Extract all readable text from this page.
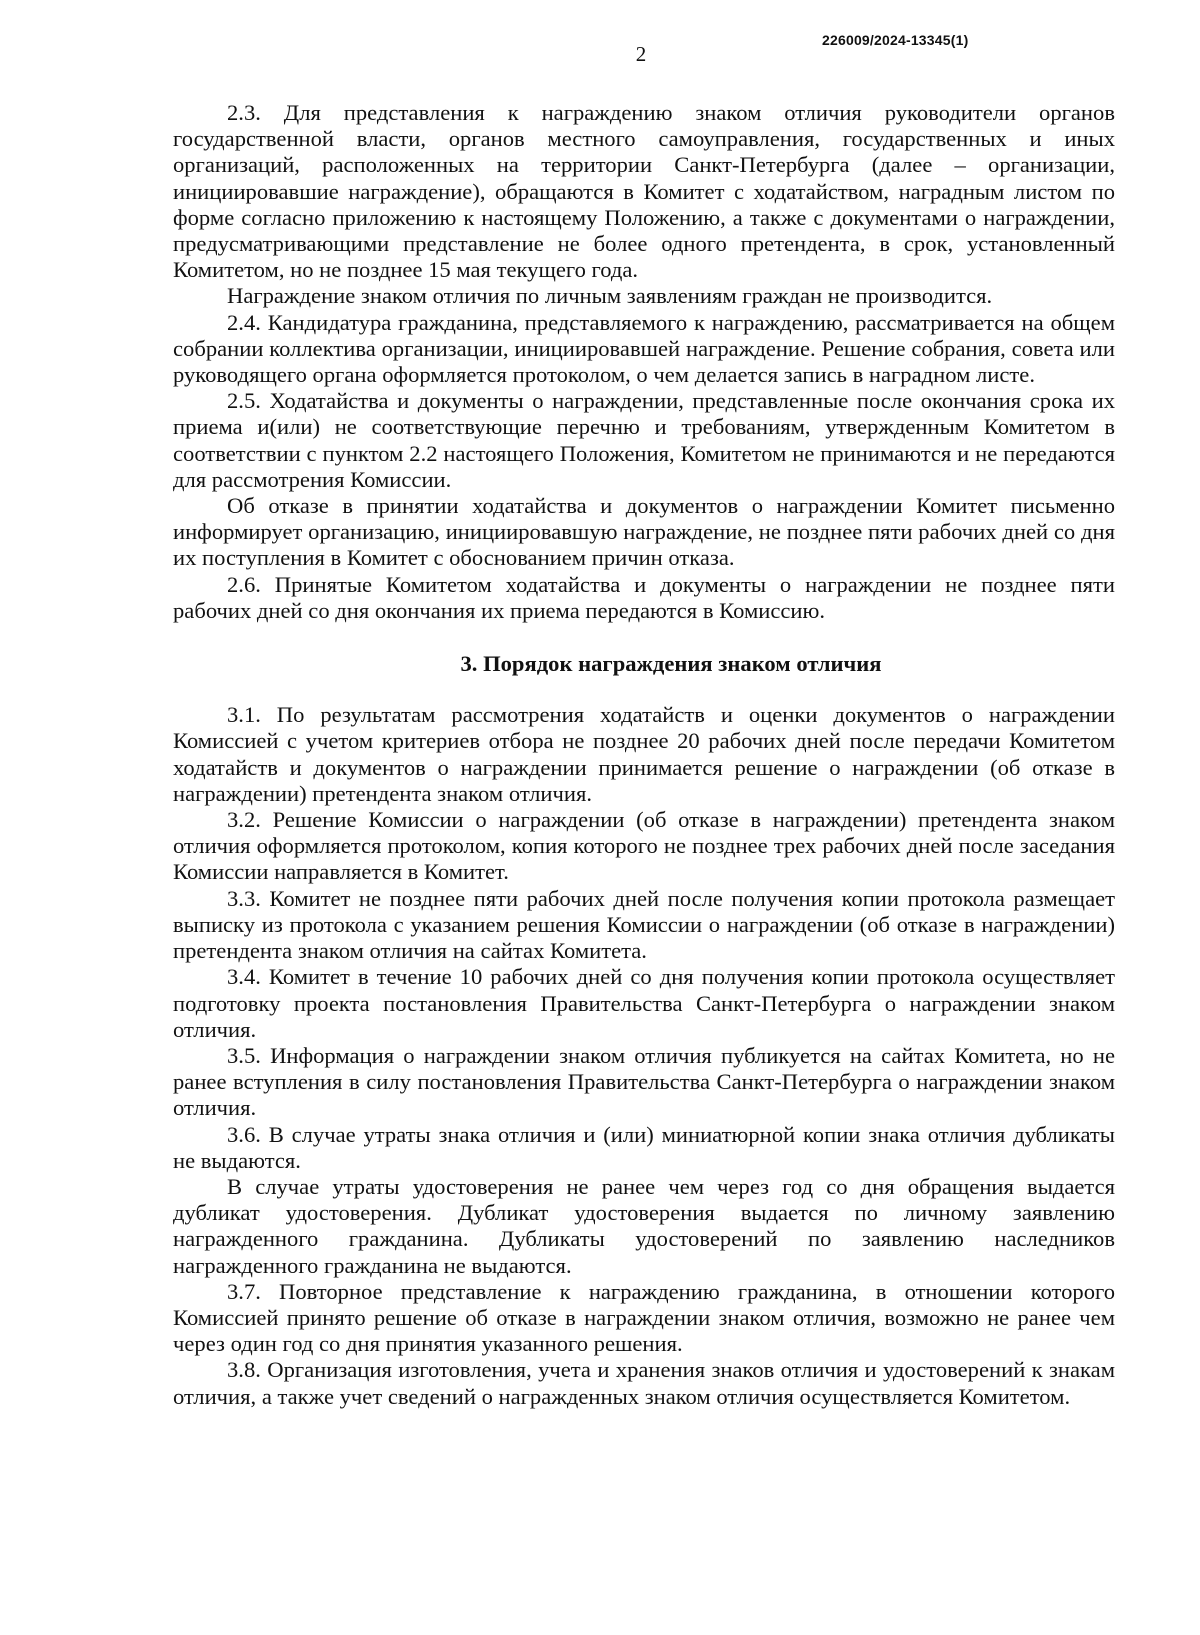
226009/2024-13345(1)
2

2.3. Для представления к награждению знаком отличия руководители органов государственной власти, органов местного самоуправления, государственных и иных организаций, расположенных на территории Санкт-Петербурга (далее – организации, инициировавшие награждение), обращаются в Комитет с ходатайством, наградным листом по форме согласно приложению к настоящему Положению, а также с документами о награждении, предусматривающими представление не более одного претендента, в срок, установленный Комитетом, но не позднее 15 мая текущего года.

Награждение знаком отличия по личным заявлениям граждан не производится.

2.4. Кандидатура гражданина, представляемого к награждению, рассматривается на общем собрании коллектива организации, инициировавшей награждение. Решение собрания, совета или руководящего органа оформляется протоколом, о чем делается запись в наградном листе.

2.5. Ходатайства и документы о награждении, представленные после окончания срока их приема и(или) не соответствующие перечню и требованиям, утвержденным Комитетом в соответствии с пунктом 2.2 настоящего Положения, Комитетом не принимаются и не передаются для рассмотрения Комиссии.

Об отказе в принятии ходатайства и документов о награждении Комитет письменно информирует организацию, инициировавшую награждение, не позднее пяти рабочих дней со дня их поступления в Комитет с обоснованием причин отказа.

2.6. Принятые Комитетом ходатайства и документы о награждении не позднее пяти рабочих дней со дня окончания их приема передаются в Комиссию.

3. Порядок награждения знаком отличия

3.1. По результатам рассмотрения ходатайств и оценки документов о награждении Комиссией с учетом критериев отбора не позднее 20 рабочих дней после передачи Комитетом ходатайств и документов о награждении принимается решение о награждении (об отказе в награждении) претендента знаком отличия.

3.2. Решение Комиссии о награждении (об отказе в награждении) претендента знаком отличия оформляется протоколом, копия которого не позднее трех рабочих дней после заседания Комиссии направляется в Комитет.

3.3. Комитет не позднее пяти рабочих дней после получения копии протокола размещает выписку из протокола с указанием решения Комиссии о награждении (об отказе в награждении) претендента знаком отличия на сайтах Комитета.

3.4. Комитет в течение 10 рабочих дней со дня получения копии протокола осуществляет подготовку проекта постановления Правительства Санкт-Петербурга о награждении знаком отличия.

3.5. Информация о награждении знаком отличия публикуется на сайтах Комитета, но не ранее вступления в силу постановления Правительства Санкт-Петербурга о награждении знаком отличия.

3.6. В случае утраты знака отличия и (или) миниатюрной копии знака отличия дубликаты не выдаются.

В случае утраты удостоверения не ранее чем через год со дня обращения выдается дубликат удостоверения. Дубликат удостоверения выдается по личному заявлению награжденного гражданина. Дубликаты удостоверений по заявлению наследников награжденного гражданина не выдаются.

3.7. Повторное представление к награждению гражданина, в отношении которого Комиссией принято решение об отказе в награждении знаком отличия, возможно не ранее чем через один год со дня принятия указанного решения.

3.8. Организация изготовления, учета и хранения знаков отличия и удостоверений к знакам отличия, а также учет сведений о награжденных знаком отличия осуществляется Комитетом.
